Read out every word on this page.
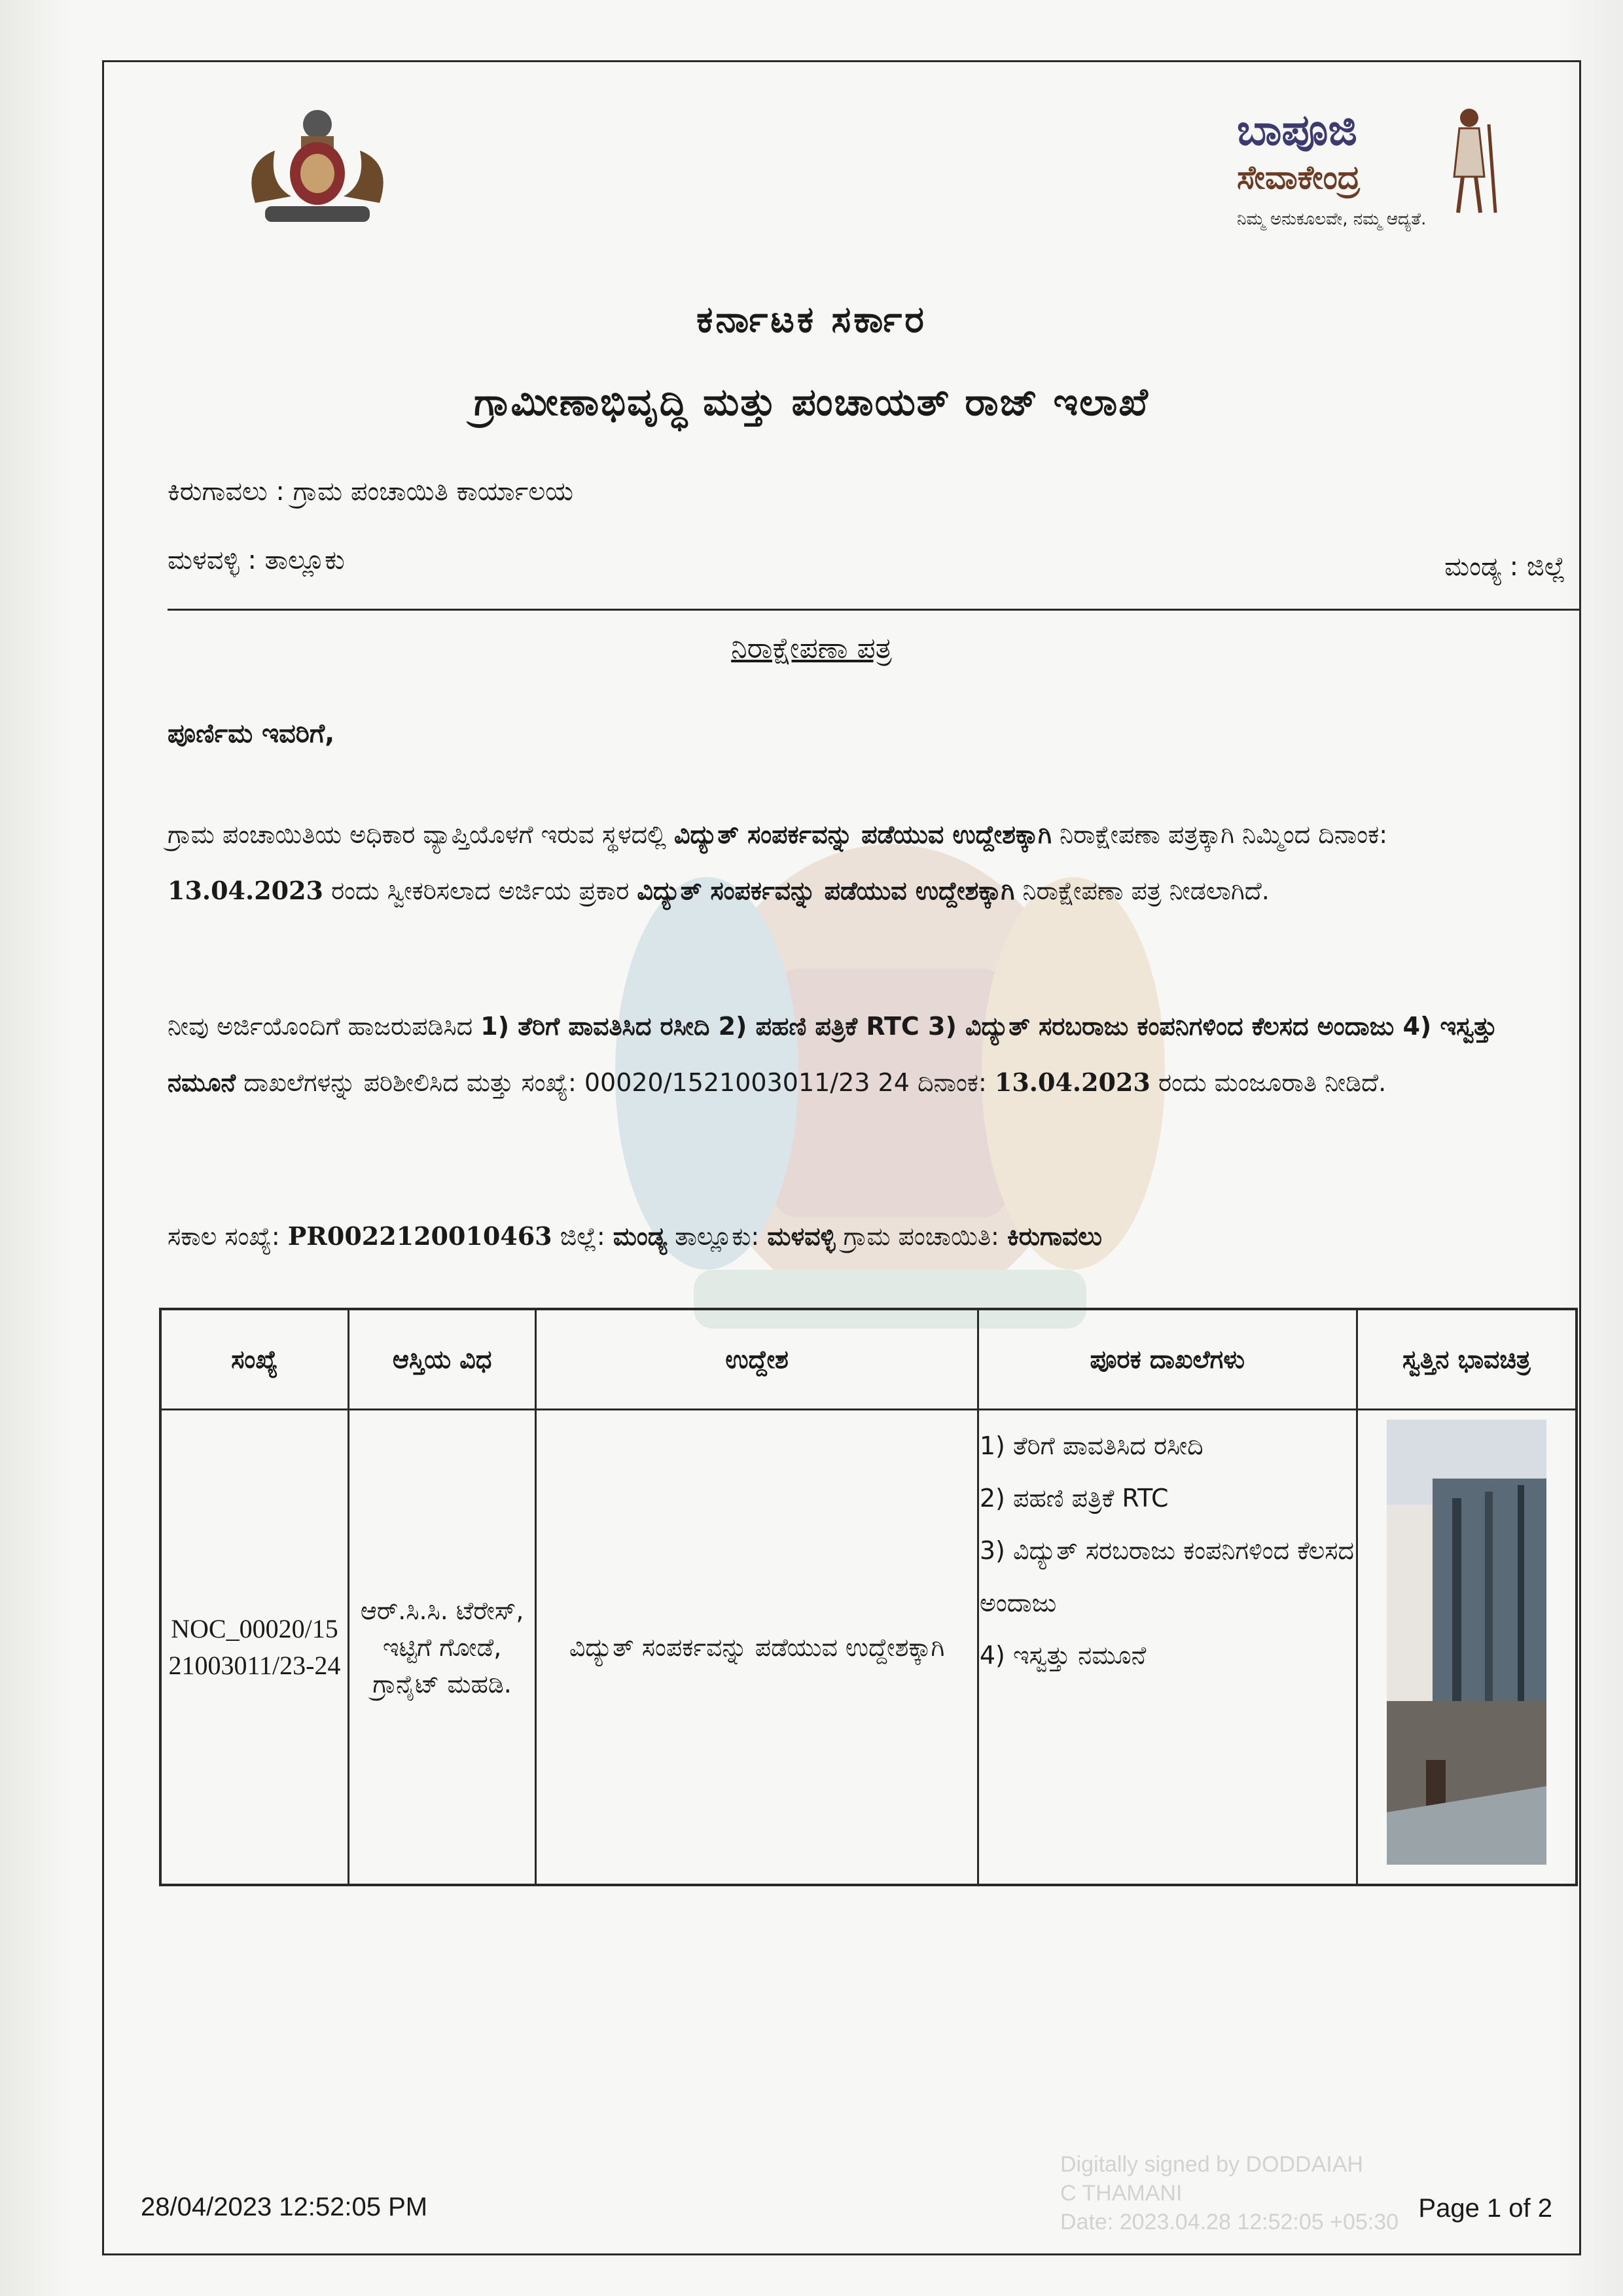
ಬಾಪೂಜಿ
ಸೇವಾಕೇಂದ್ರ
ನಿಮ್ಮ ಅನುಕೂಲವೇ, ನಮ್ಮ ಆದ್ಯತೆ.
ಕರ್ನಾಟಕ ಸರ್ಕಾರ
ಗ್ರಾಮೀಣಾಭಿವೃದ್ಧಿ ಮತ್ತು ಪಂಚಾಯತ್ ರಾಜ್ ಇಲಾಖೆ
ಕಿರುಗಾವಲು : ಗ್ರಾಮ ಪಂಚಾಯಿತಿ ಕಾರ್ಯಾಲಯ
ಮಳವಳ್ಳಿ : ತಾಲ್ಲೂಕು	ಮಂಡ್ಯ : ಜಿಲ್ಲೆ
ನಿರಾಕ್ಷೇಪಣಾ ಪತ್ರ
ಪೂರ್ಣಿಮ ಇವರಿಗೆ,
ಗ್ರಾಮ ಪಂಚಾಯಿತಿಯ ಅಧಿಕಾರ ವ್ಯಾಪ್ತಿಯೊಳಗೆ ಇರುವ ಸ್ಥಳದಲ್ಲಿ ವಿದ್ಯುತ್ ಸಂಪರ್ಕವನ್ನು ಪಡೆಯುವ ಉದ್ದೇಶಕ್ಕಾಗಿ ನಿರಾಕ್ಷೇಪಣಾ ಪತ್ರಕ್ಕಾಗಿ ನಿಮ್ಮಿಂದ ದಿನಾಂಕ: 13.04.2023 ರಂದು ಸ್ವೀಕರಿಸಲಾದ ಅರ್ಜಿಯ ಪ್ರಕಾರ ವಿದ್ಯುತ್ ಸಂಪರ್ಕವನ್ನು ಪಡೆಯುವ ಉದ್ದೇಶಕ್ಕಾಗಿ ನಿರಾಕ್ಷೇಪಣಾ ಪತ್ರ ನೀಡಲಾಗಿದೆ.
ನೀವು ಅರ್ಜಿಯೊಂದಿಗೆ ಹಾಜರುಪಡಿಸಿದ 1) ತೆರಿಗೆ ಪಾವತಿಸಿದ ರಸೀದಿ 2) ಪಹಣಿ ಪತ್ರಿಕೆ RTC 3) ವಿದ್ಯುತ್ ಸರಬರಾಜು ಕಂಪನಿಗಳಿಂದ ಕೆಲಸದ ಅಂದಾಜು 4) ಇಸ್ವತ್ತು ನಮೂನೆ ದಾಖಲೆಗಳನ್ನು ಪರಿಶೀಲಿಸಿದ ಮತ್ತು ಸಂಖ್ಯೆ: 00020/1521003011/23 24 ದಿನಾಂಕ: 13.04.2023 ರಂದು ಮಂಜೂರಾತಿ ನೀಡಿದೆ.
ಸಕಾಲ ಸಂಖ್ಯೆ: PR0022120010463 ಜಿಲ್ಲೆ: ಮಂಡ್ಯ ತಾಲ್ಲೂಕು: ಮಳವಳ್ಳಿ ಗ್ರಾಮ ಪಂಚಾಯಿತಿ: ಕಿರುಗಾವಲು
ಸಂಖ್ಯೆ	ಆಸ್ತಿಯ ವಿಧ	ಉದ್ದೇಶ	ಪೂರಕ ದಾಖಲೆಗಳು	ಸ್ವತ್ತಿನ ಭಾವಚಿತ್ರ
NOC_00020/1521003011/23-24	ಆರ್.ಸಿ.ಸಿ. ಟೆರೇಸ್, ಇಟ್ಟಿಗೆ ಗೋಡೆ, ಗ್ರಾನೈಟ್ ಮಹಡಿ.	ವಿದ್ಯುತ್ ಸಂಪರ್ಕವನ್ನು ಪಡೆಯುವ ಉದ್ದೇಶಕ್ಕಾಗಿ	1) ತೆರಿಗೆ ಪಾವತಿಸಿದ ರಸೀದಿ
2) ಪಹಣಿ ಪತ್ರಿಕೆ RTC
3) ವಿದ್ಯುತ್ ಸರಬರಾಜು ಕಂಪನಿಗಳಿಂದ ಕೆಲಸದ ಅಂದಾಜು
4) ಇಸ್ವತ್ತು ನಮೂನೆ

Digitally signed by DODDAIAH
C THAMANI
Date: 2023.04.28 12:52:05 +05:30
28/04/2023 12:52:05 PM	Page 1 of 2
